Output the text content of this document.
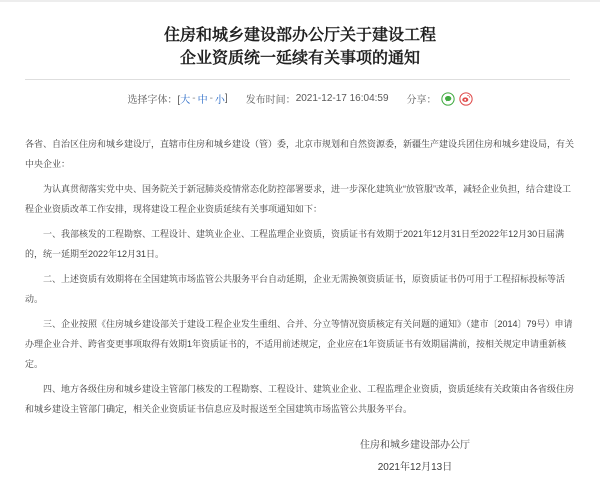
住房和城乡建设部办公厅关于建设工程
企业资质统一延续有关事项的通知
选择字体：[ 大 - 中 - 小 ] 发布时间： 2021-12-17 16:04:59 分享：

各省、自治区住房和城乡建设厅，直辖市住房和城乡建设（管）委，北京市规划和自然资源委，新疆生产建设兵团住房和城乡建设局，有关中央企业：

为认真贯彻落实党中央、国务院关于新冠肺炎疫情常态化防控部署要求，进一步深化建筑业“放管服”改革，减轻企业负担，结合建设工程企业资质改革工作安排，现将建设工程企业资质延续有关事项通知如下：

一、我部核发的工程勘察、工程设计、建筑业企业、工程监理企业资质，资质证书有效期于2021年12月31日至2022年12月30日届满的，统一延期至2022年12月31日。

二、上述资质有效期将在全国建筑市场监管公共服务平台自动延期，企业无需换领资质证书，原资质证书仍可用于工程招标投标等活动。

三、企业按照《住房城乡建设部关于建设工程企业发生重组、合并、分立等情况资质核定有关问题的通知》（建市〔2014〕79号）申请办理企业合并、跨省变更事项取得有效期1年资质证书的，不适用前述规定，企业应在1年资质证书有效期届满前，按相关规定申请重新核定。

四、地方各级住房和城乡建设主管部门核发的工程勘察、工程设计、建筑业企业、工程监理企业资质，资质延续有关政策由各省级住房和城乡建设主管部门确定，相关企业资质证书信息应及时报送至全国建筑市场监管公共服务平台。

住房和城乡建设部办公厅
2021年12月13日
